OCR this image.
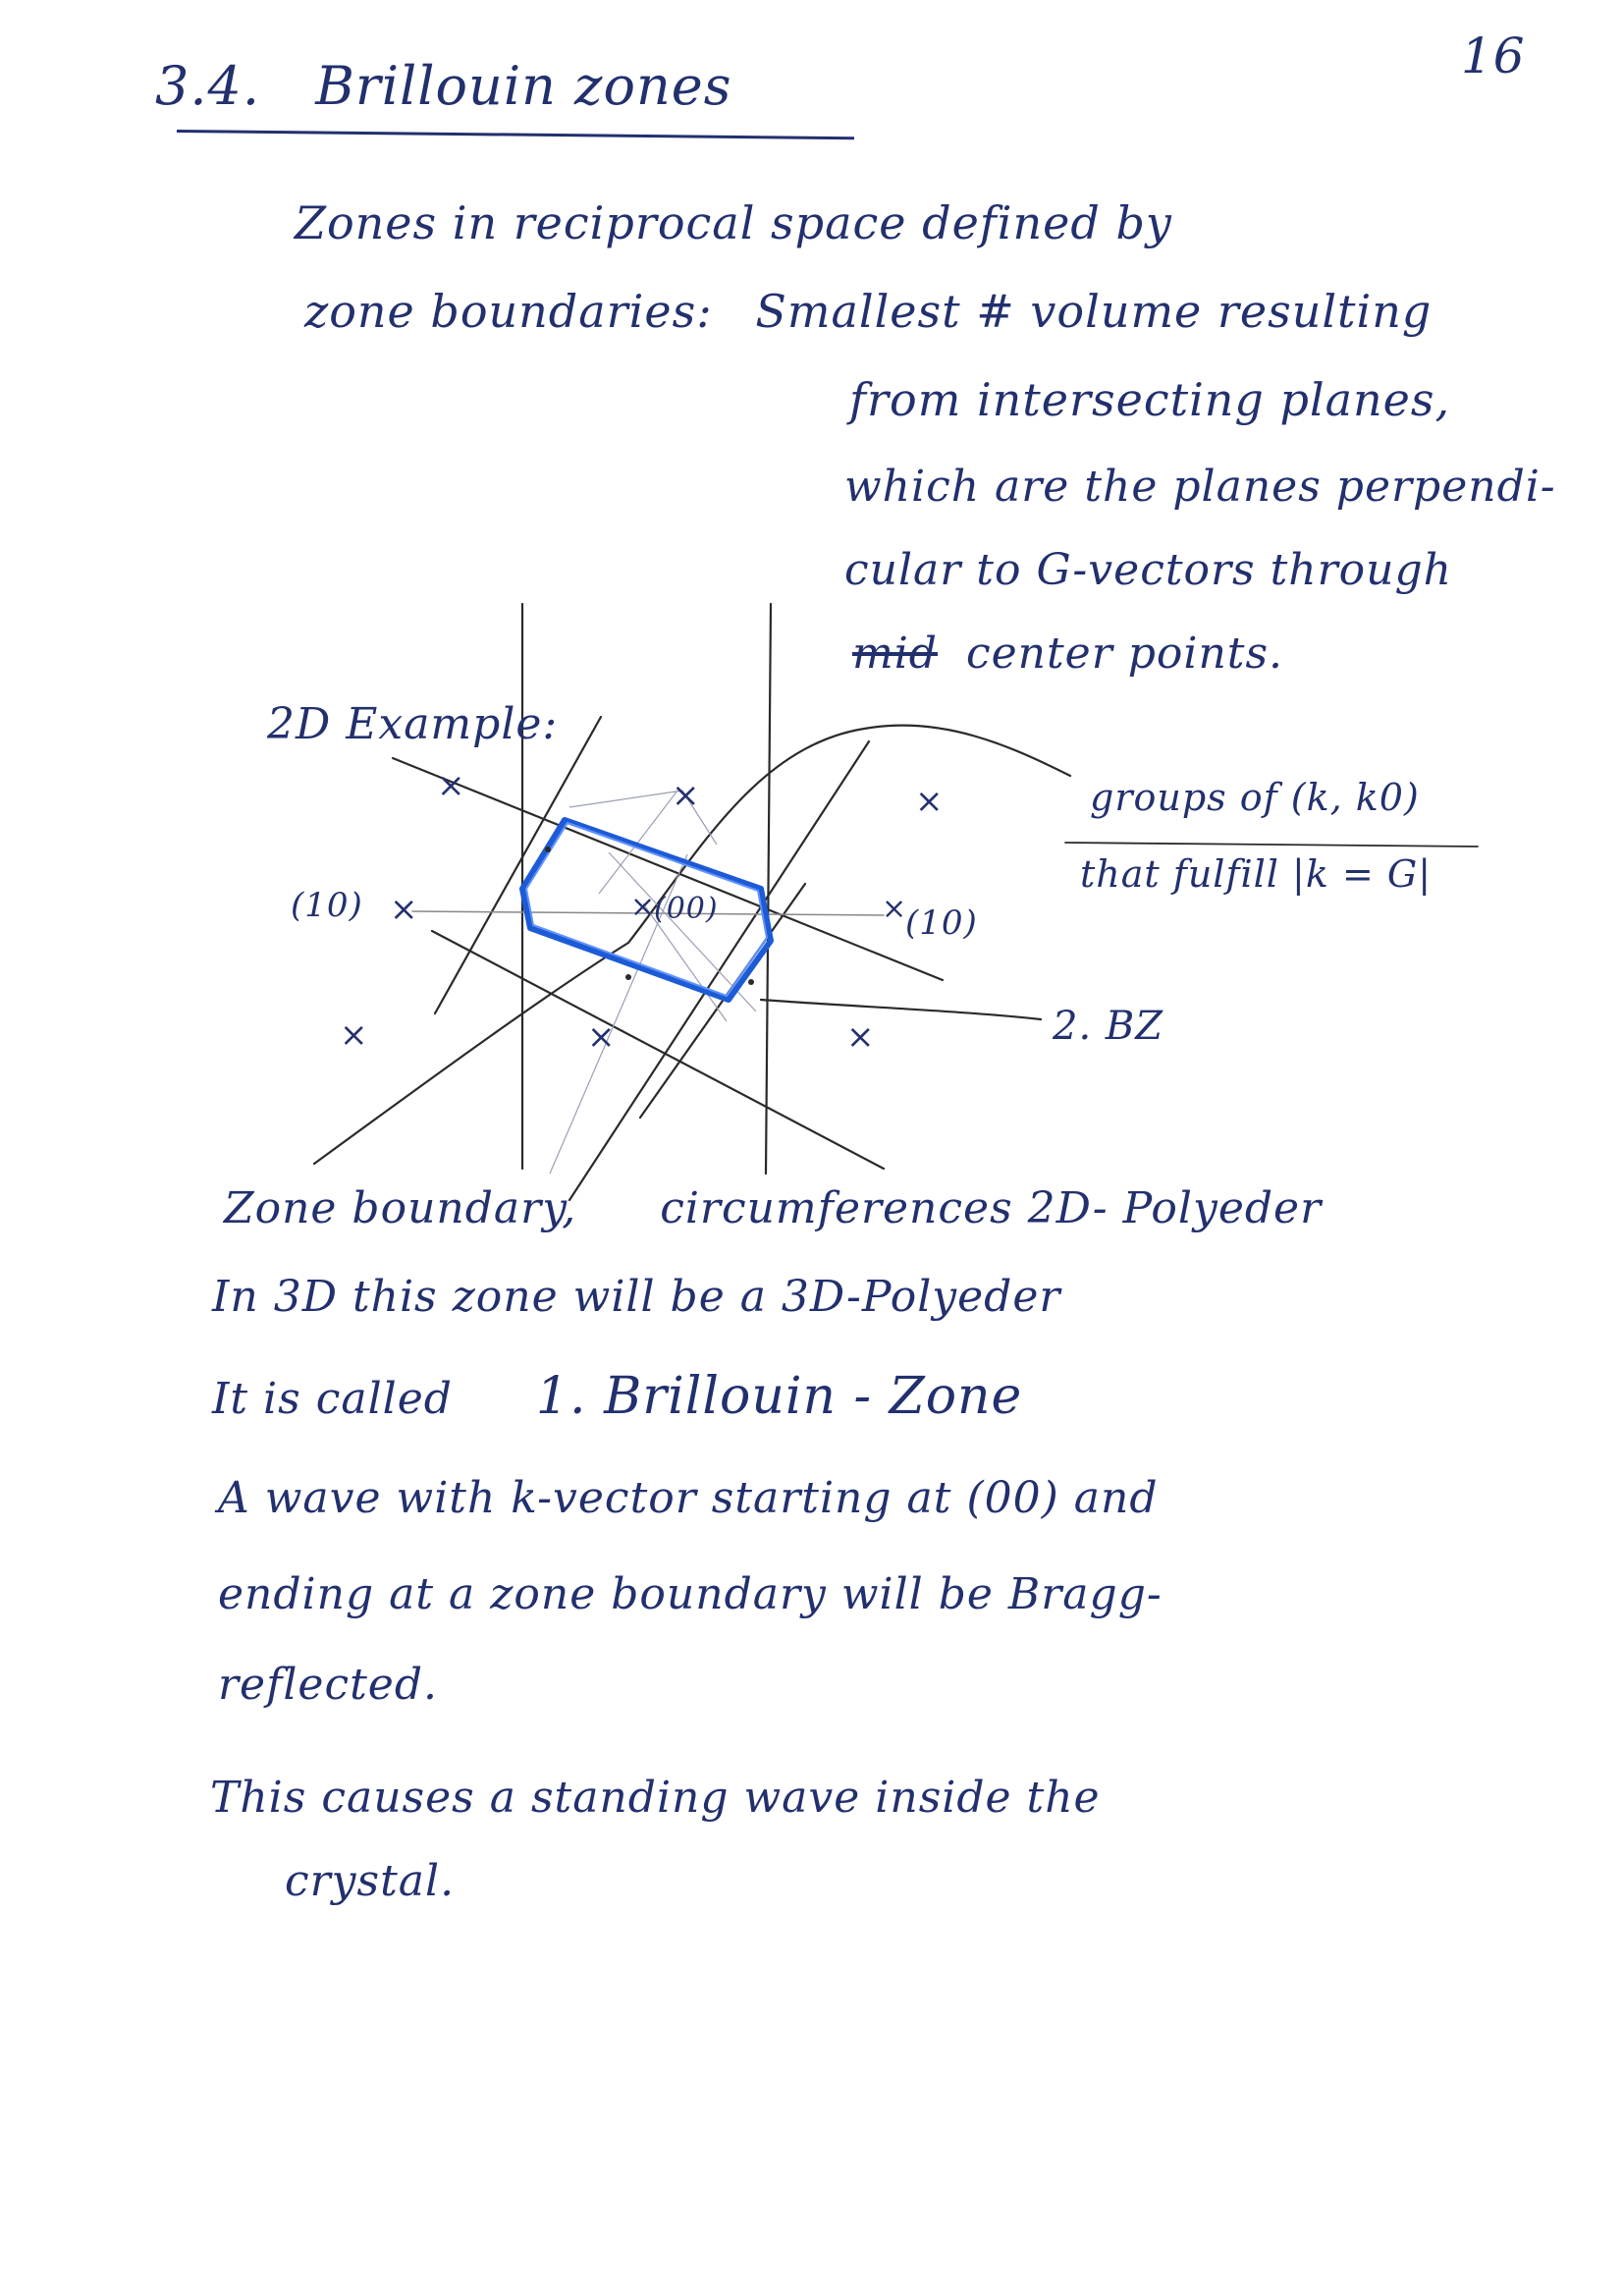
16
3.4. Brillouin zones
Zones in reciprocal space defined by
zone boundaries: Smallest # volume resulting
from intersecting planes,
which are the planes perpendi-
cular to G-vectors through
mid center points.
×	×	×
×	×	×
×	×	×
2D Example:
(10)	(00)	(10)
groups of (k, k0)
that fulfill |k = G|
2. BZ
Zone boundary, circumferences 2D- Polyeder
In 3D this zone will be a 3D-Polyeder
It is called 1. Brillouin - Zone
A wave with k-vector starting at (00) and
ending at a zone boundary will be Bragg-
reflected.
This causes a standing wave inside the
crystal.
